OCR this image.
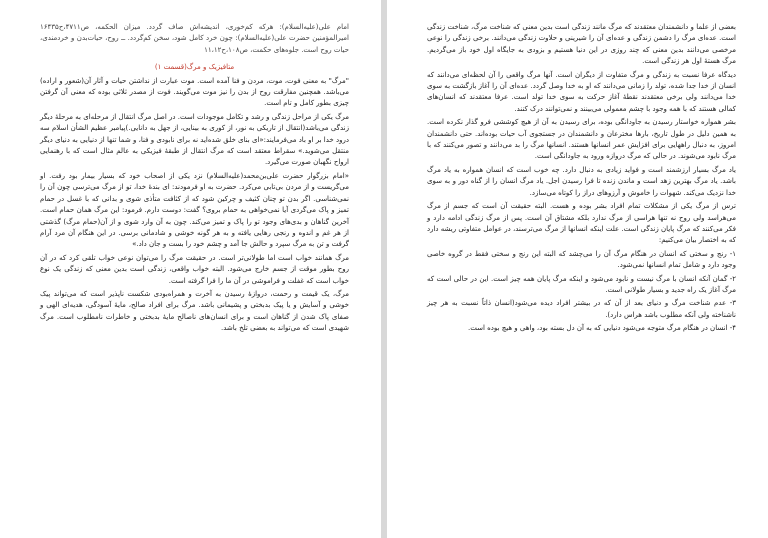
امام علی(علیه‌السلام): هرکه کم‌خوری، اندیشه‌اش صاف گردد. میزان الحکمه، ص۴۷۱۱،ح۱۶۴۳۵ امیرالمؤمنین حضرت علی(علیه‌السلام): چون خرد کامل شود، سخن کم‌گردد. ــ روح، حیات‌بدن و خردمندی، حیات روح است. جلوه‌های حکمت، ص۱۰۸،ح۱۱،۱۲

متافیزیک و مرگ(قسمت ۱)

"مرگ" به معنی فوت، موت، مردن و فنا آمده است. موت عبارت از نداشتن حیات و آثار آن(شعور و اراده) می‌باشد. همچنین مفارقت روح از بدن را نیز موت می‌گویند. فوت از مصدر ثلاثی بوده که معنی آن گرفتن چیزی بطور کامل و تام است.

مرگ یکی از مراحل زندگی و رشد و تکامل موجودات است. در اصل مرگ انتقال از مرحله‌ای به مرحلهٔ دیگر زندگی می‌باشد(انتقال از تاریکی به نور، از کوری به بینایی، از جهل به دانایی.)پیامبر عظیم الشأن اسلام سه درود خدا بر او باد می‌فرمایند:«ای بنای خلق شده‌اید نه برای نابودی و فنا، و شما تنها از دنیایی به دنیای دیگر منتقل می‌شوید.» سقراط معتقد است که مرگ انتقال از طبقهٔ فیزیکی به عالم مثال است که با رهنمایی ارواح نگهبان صورت می‌گیرد.

«امام بزرگوار حضرت علی‌بن‌محمد(علیه‌السلام) نزد یکی از اصحاب خود که بسیار بیمار بود رفت. او می‌گریست و از مردن بی‌تابی می‌کرد. حضرت به او فرمودند: ای بندهٔ خدا، تو از مرگ می‌ترسی چون آن را نمی‌شناسی. اگر بدن تو چنان کثیف و چرکین شود که از کثافت متأذی شوی و بدانی که با غسل در حمام تمیز و پاک می‌گردی آیا نمی‌خواهی به حمام بروی؟ گفت: دوست دارم. فرمود: این مرگ همان حمام است. آخرین گناهان و بدی‌های وجود تو را پاک و تمیز می‌کند. چون به آن وارد شوی و از آن(حمام مرگ) گذشتی از هر غم و اندوه و رنجی رهایی یافته و به هر گونه خوشی و شادمانی برسی. در این هنگام آن مرد آرام گرفت و تن به مرگ سپرد و حالش جا آمد و چشم خود را بست و جان داد.»

مرگ همانند خواب است اما طولانی‌تر است. در حقیقت مرگ را می‌توان نوعی خواب تلقی کرد که در آن روح بطور موقت از جسم خارج می‌شود. البته خواب واقعی، زندگی است بدین معنی که زندگی یک نوع خواب است که غفلت و فراموشی در آن ما را فرا گرفته است.

مرگ، یک قیمت و رحمت، دروازهٔ رسیدن به آخرت و همراه‌بودی شکست ناپذیر است که می‌تواند پیک خوشی و آسایش و یا پیک بدبختی و پشیمانی باشد. مرگ برای افراد صالح، مایهٔ آسودگی، هدیه‌ای الهی و صفای پاک شدن از گناهان است و برای انسان‌های ناصالح مایهٔ بدبختی و خاطرات نامطلوب است. مرگ شهیدی است که می‌تواند به بعضی تلخ باشد.

بعضی از علما و دانشمندان معتقدند که مرگ مانند زندگی است بدین معنی که شناخت مرگ، شناخت زندگی است. عده‌ای مرگ را دشمن زندگی و عده‌ای آن را شیرینی و حلاوت زندگی می‌دانند. برخی زندگی را نوعی مرخصی می‌دانند بدین معنی که چند روزی در این دنیا هستیم و بزودی به جایگاه اول خود باز می‌گردیم. مرگ هستهٔ اول هر زندگی است.

دیدگاه عرفا نسبت به زندگی و مرگ متفاوت از دیگران است. آنها مرگ واقعی را آن لحظه‌ای می‌دانند که انسان از خدا جدا شده، تولد را زمانی می‌دانند که او به خدا وصل گردد. عده‌ای آن را آغاز بازگشت به سوی خدا می‌دانند ولی برخی معتقدند نقطهٔ آغاز حرکت به سوی خدا تولد است. عرفا معتقدند که انسان‌های کمالی هستند که با همه وجود با چشم معمولی می‌بینند و نمی‌توانند درک کنند.

بشر همواره خواستار رسیدن به جاودانگی بوده، برای رسیدن به آن از هیچ کوششی فرو گذار نکرده است. به همین دلیل در طول تاریخ، بارها مخترعان و دانشمندان در جستجوی آب حیات بوده‌اند. حتی دانشمندان امروز، به دنبال راههایی برای افزایش عمر انسانها هستند. انسانها مرگ را بد می‌دانند و تصور می‌کنند که با مرگ نابود می‌شوند. در حالی که مرگ دروازه ورود به جاودانگی است.

یاد مرگ بسیار ارزشمند است و فواید زیادی به دنبال دارد. چه خوب است که انسان همواره به یاد مرگ باشد. یاد مرگ بهترین زهد است و ماندن زنده تا فرا رسیدن اجل. یاد مرگ انسان را از گناه دور و به سوی خدا نزدیک می‌کند. شهوات را خاموش و آرزوهای دراز را کوتاه می‌سازد.

ترس از مرگ یکی از مشکلات تمام افراد بشر بوده و هست. البته حقیقت آن است که جسم از مرگ می‌هراسد ولی روح نه تنها هراسی از مرگ ندارد بلکه مشتاق آن است. پس از مرگ زندگی ادامه دارد و فکر می‌کنند که مرگ پایان زندگی است. علت اینکه انسانها از مرگ می‌ترسند، در عوامل متفاوتی ریشه دارد که به اختصار بیان می‌کنیم:

۱- رنج و سختی که انسان در هنگام مرگ آن را می‌چشد که البته این رنج و سختی فقط در گروه خاصی وجود دارد و شامل تمام انسانها نمی‌شود.

۲- گمان آنکه انسان با مرگ نیست و نابود می‌شود و اینکه مرگ پایان همه چیز است. این در حالی است که مرگ آغاز یک راه جدید و بسیار طولانی است.

۳- عدم شناخت مرگ و دنیای بعد از آن که در بیشتر افراد دیده می‌شود(انسان ذاتاً نسبت به هر چیز ناشناخته ولی آنکه مطلوب باشد هراس دارد).

۴- انسان در هنگام مرگ متوجه می‌شود دنیایی که به آن دل بسته بود، واهی و هیچ بوده است.
